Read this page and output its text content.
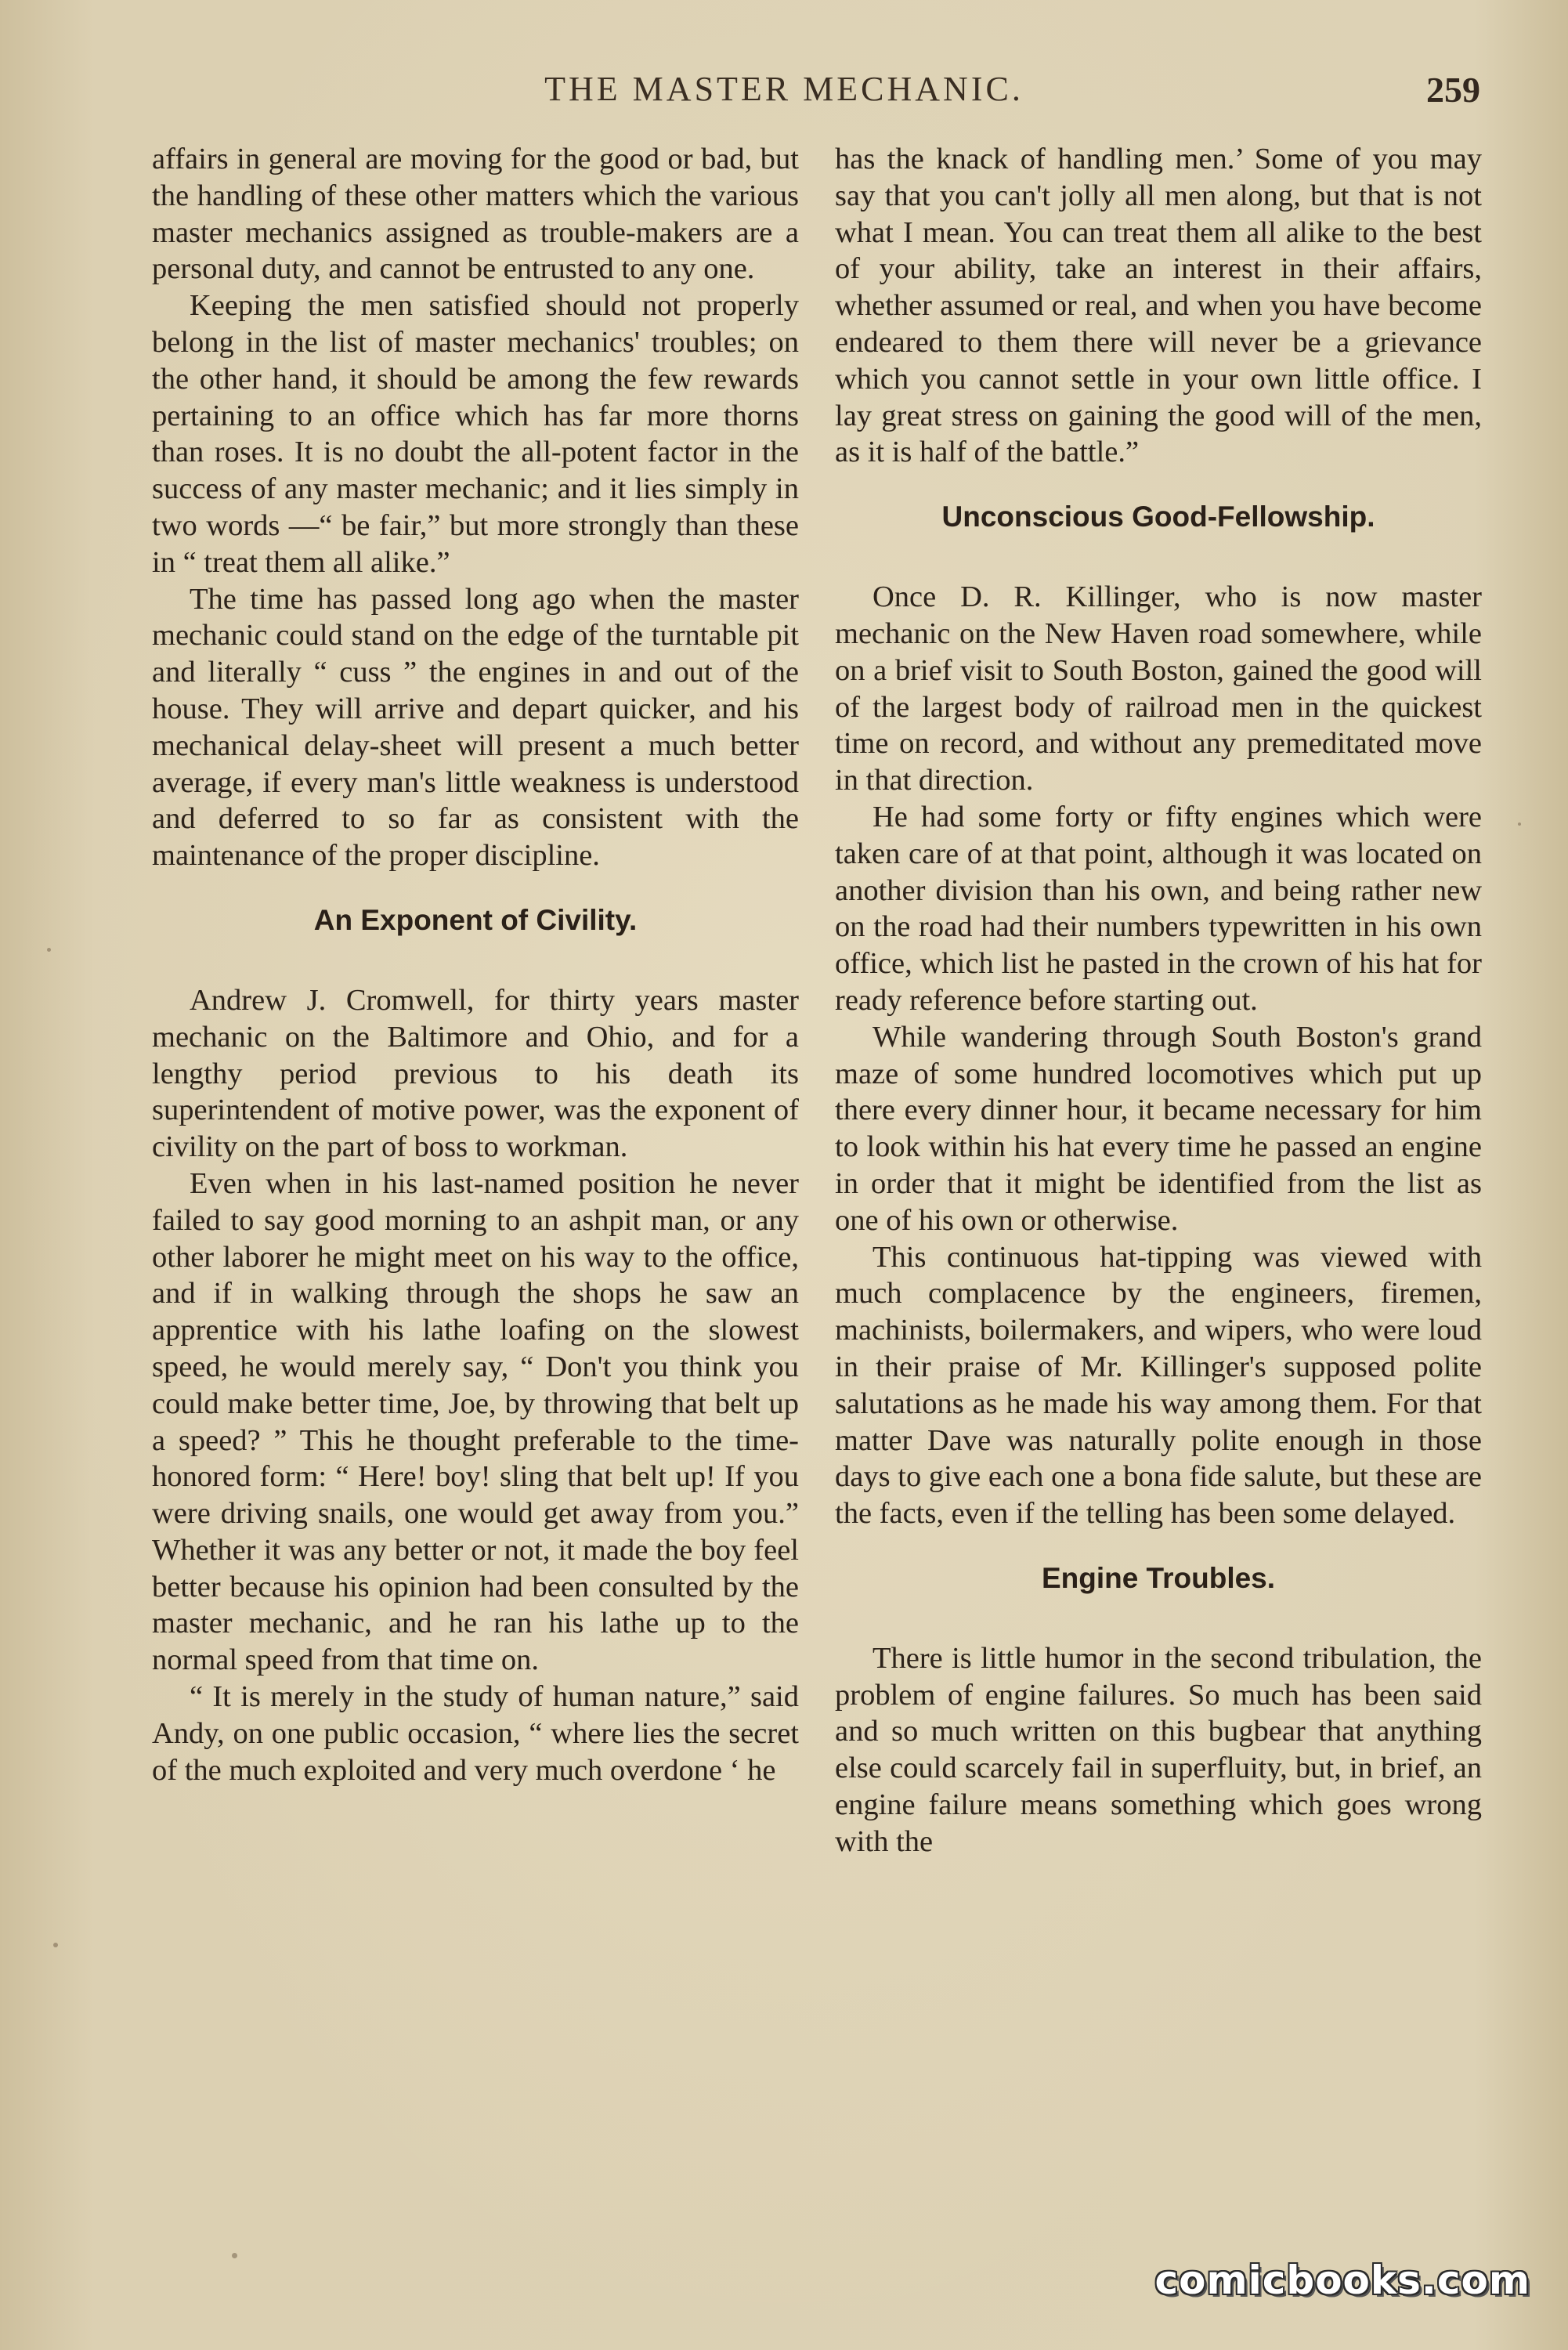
THE MASTER MECHANIC.	259

affairs in general are moving for the good or bad, but the handling of these other matters which the various master mechanics assigned as trouble-makers are a personal duty, and cannot be entrusted to any one.

Keeping the men satisfied should not properly belong in the list of master mechanics' troubles; on the other hand, it should be among the few rewards pertaining to an office which has far more thorns than roses. It is no doubt the all-potent factor in the success of any master mechanic; and it lies simply in two words —“ be fair,” but more strongly than these in “ treat them all alike.”

The time has passed long ago when the master mechanic could stand on the edge of the turntable pit and literally “ cuss ” the engines in and out of the house. They will arrive and depart quicker, and his mechanical delay-sheet will present a much better average, if every man's little weakness is understood and deferred to so far as consistent with the maintenance of the proper discipline.

An Exponent of Civility.

Andrew J. Cromwell, for thirty years master mechanic on the Baltimore and Ohio, and for a lengthy period previous to his death its superintendent of motive power, was the exponent of civility on the part of boss to workman.

Even when in his last-named position he never failed to say good morning to an ashpit man, or any other laborer he might meet on his way to the office, and if in walking through the shops he saw an apprentice with his lathe loafing on the slowest speed, he would merely say, “ Don't you think you could make better time, Joe, by throwing that belt up a speed? ” This he thought preferable to the time-honored form: “ Here! boy! sling that belt up! If you were driving snails, one would get away from you.” Whether it was any better or not, it made the boy feel better because his opinion had been consulted by the master mechanic, and he ran his lathe up to the normal speed from that time on.

“ It is merely in the study of human nature,” said Andy, on one public occasion, “ where lies the secret of the much exploited and very much overdone ‘ he

has the knack of handling men.’ Some of you may say that you can't jolly all men along, but that is not what I mean. You can treat them all alike to the best of your ability, take an interest in their affairs, whether assumed or real, and when you have become endeared to them there will never be a grievance which you cannot settle in your own little office. I lay great stress on gaining the good will of the men, as it is half of the battle.”

Unconscious Good-Fellowship.

Once D. R. Killinger, who is now master mechanic on the New Haven road somewhere, while on a brief visit to South Boston, gained the good will of the largest body of railroad men in the quickest time on record, and without any premeditated move in that direction.

He had some forty or fifty engines which were taken care of at that point, although it was located on another division than his own, and being rather new on the road had their numbers typewritten in his own office, which list he pasted in the crown of his hat for ready reference before starting out.

While wandering through South Boston's grand maze of some hundred locomotives which put up there every dinner hour, it became necessary for him to look within his hat every time he passed an engine in order that it might be identified from the list as one of his own or otherwise.

This continuous hat-tipping was viewed with much complacence by the engineers, firemen, machinists, boilermakers, and wipers, who were loud in their praise of Mr. Killinger's supposed polite salutations as he made his way among them. For that matter Dave was naturally polite enough in those days to give each one a bona fide salute, but these are the facts, even if the telling has been some delayed.

Engine Troubles.

There is little humor in the second tribulation, the problem of engine failures. So much has been said and so much written on this bugbear that anything else could scarcely fail in superfluity, but, in brief, an engine failure means something which goes wrong with the

comicbooks.com
